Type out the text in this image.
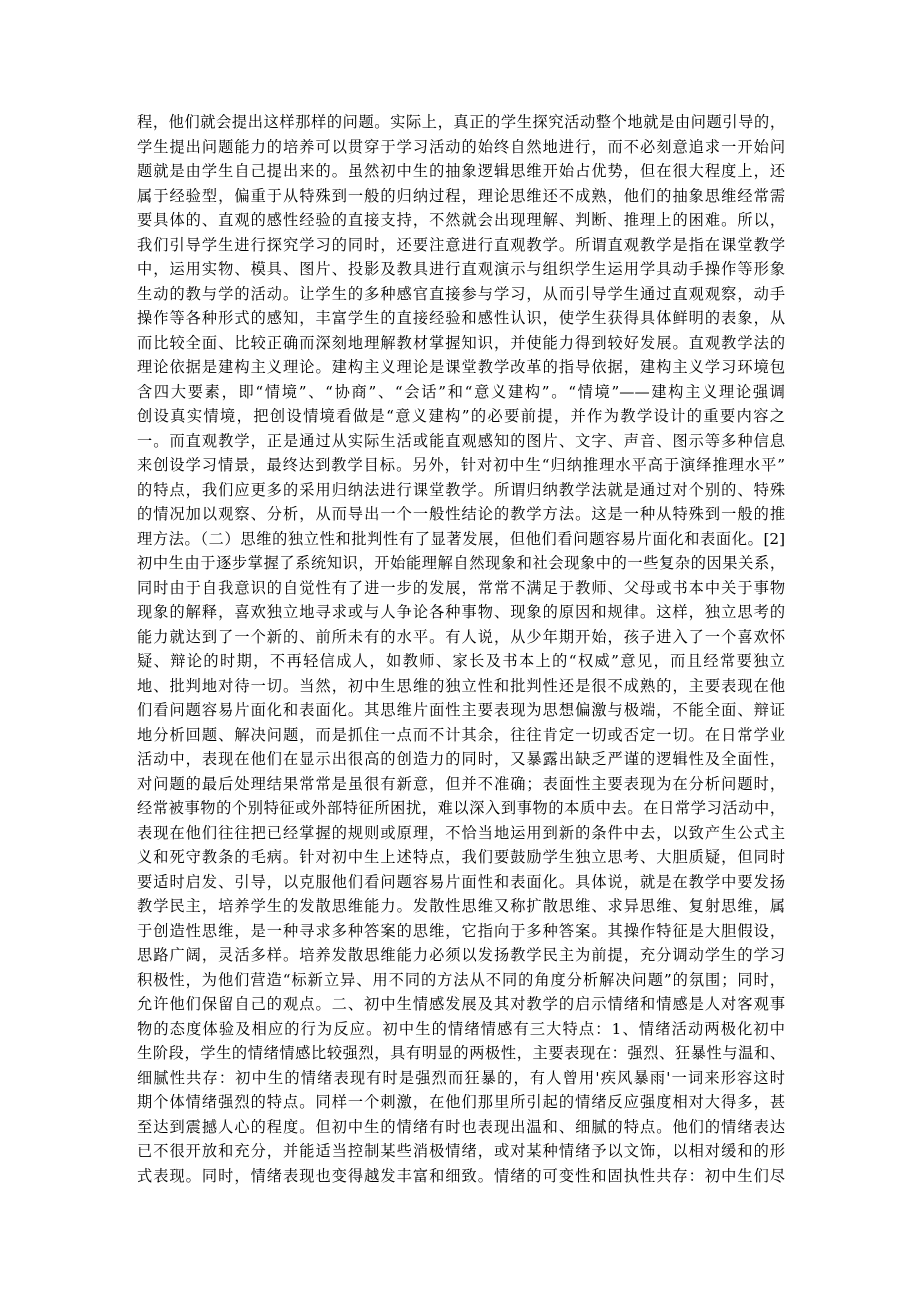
程，他们就会提出这样那样的问题。实际上，真正的学生探究活动整个地就是由问题引导的，
学生提出问题能力的培养可以贯穿于学习活动的始终自然地进行，而不必刻意追求一开始问
题就是由学生自己提出来的。虽然初中生的抽象逻辑思维开始占优势，但在很大程度上，还
属于经验型，偏重于从特殊到一般的归纳过程，理论思维还不成熟，他们的抽象思维经常需
要具体的、直观的感性经验的直接支持，不然就会出现理解、判断、推理上的困难。所以，
我们引导学生进行探究学习的同时，还要注意进行直观教学。所谓直观教学是指在课堂教学
中，运用实物、模具、图片、投影及教具进行直观演示与组织学生运用学具动手操作等形象
生动的教与学的活动。让学生的多种感官直接参与学习，从而引导学生通过直观观察，动手
操作等各种形式的感知，丰富学生的直接经验和感性认识，使学生获得具体鲜明的表象，从
而比较全面、比较正确而深刻地理解教材掌握知识，并使能力得到较好发展。直观教学法的
理论依据是建构主义理论。建构主义理论是课堂教学改革的指导依据，建构主义学习环境包
含四大要素，即“情境”、“协商”、“会话”和“意义建构”。“情境”——建构主义理论强调
创设真实情境，把创设情境看做是“意义建构”的必要前提，并作为教学设计的重要内容之
一。而直观教学，正是通过从实际生活或能直观感知的图片、文字、声音、图示等多种信息
来创设学习情景，最终达到教学目标。另外，针对初中生“归纳推理水平高于演绎推理水平”
的特点，我们应更多的采用归纳法进行课堂教学。所谓归纳教学法就是通过对个别的、特殊
的情况加以观察、分析，从而导出一个一般性结论的教学方法。这是一种从特殊到一般的推
理方法。（二）思维的独立性和批判性有了显著发展，但他们看问题容易片面化和表面化。[2]
初中生由于逐步掌握了系统知识，开始能理解自然现象和社会现象中的一些复杂的因果关系，
同时由于自我意识的自觉性有了进一步的发展，常常不满足于教师、父母或书本中关于事物
现象的解释，喜欢独立地寻求或与人争论各种事物、现象的原因和规律。这样，独立思考的
能力就达到了一个新的、前所未有的水平。有人说，从少年期开始，孩子进入了一个喜欢怀
疑、辩论的时期，不再轻信成人，如教师、家长及书本上的“权威”意见，而且经常要独立
地、批判地对待一切。当然，初中生思维的独立性和批判性还是很不成熟的，主要表现在他
们看问题容易片面化和表面化。其思维片面性主要表现为思想偏激与极端，不能全面、辩证
地分析回题、解决问题，而是抓住一点而不计其余，往往肯定一切或否定一切。在日常学业
活动中，表现在他们在显示出很高的创造力的同时，又暴露出缺乏严谨的逻辑性及全面性，
对问题的最后处理结果常常是虽很有新意，但并不准确；表面性主要表现为在分析问题时，
经常被事物的个别特征或外部特征所困扰，难以深入到事物的本质中去。在日常学习活动中，
表现在他们往往把已经掌握的规则或原理，不恰当地运用到新的条件中去，以致产生公式主
义和死守教条的毛病。针对初中生上述特点，我们要鼓励学生独立思考、大胆质疑，但同时
要适时启发、引导，以克服他们看问题容易片面性和表面化。具体说，就是在教学中要发扬
教学民主，培养学生的发散思维能力。发散性思维又称扩散思维、求异思维、复射思维，属
于创造性思维，是一种寻求多种答案的思维，它指向于多种答案。其操作特征是大胆假设，
思路广阔，灵活多样。培养发散思维能力必须以发扬教学民主为前提，充分调动学生的学习
积极性，为他们营造“标新立异、用不同的方法从不同的角度分析解决问题”的氛围；同时，
允许他们保留自己的观点。二、初中生情感发展及其对教学的启示情绪和情感是人对客观事
物的态度体验及相应的行为反应。初中生的情绪情感有三大特点：1、情绪活动两极化初中
生阶段，学生的情绪情感比较强烈，具有明显的两极性，主要表现在：强烈、狂暴性与温和、
细腻性共存：初中生的情绪表现有时是强烈而狂暴的，有人曾用'疾风暴雨'一词来形容这时
期个体情绪强烈的特点。同样一个刺激，在他们那里所引起的情绪反应强度相对大得多，甚
至达到震撼人心的程度。但初中生的情绪有时也表现出温和、细腻的特点。他们的情绪表达
已不很开放和充分，并能适当控制某些消极情绪，或对某种情绪予以文饰，以相对缓和的形
式表现。同时，情绪表现也变得越发丰富和细致。情绪的可变性和固执性共存：初中生们尽
